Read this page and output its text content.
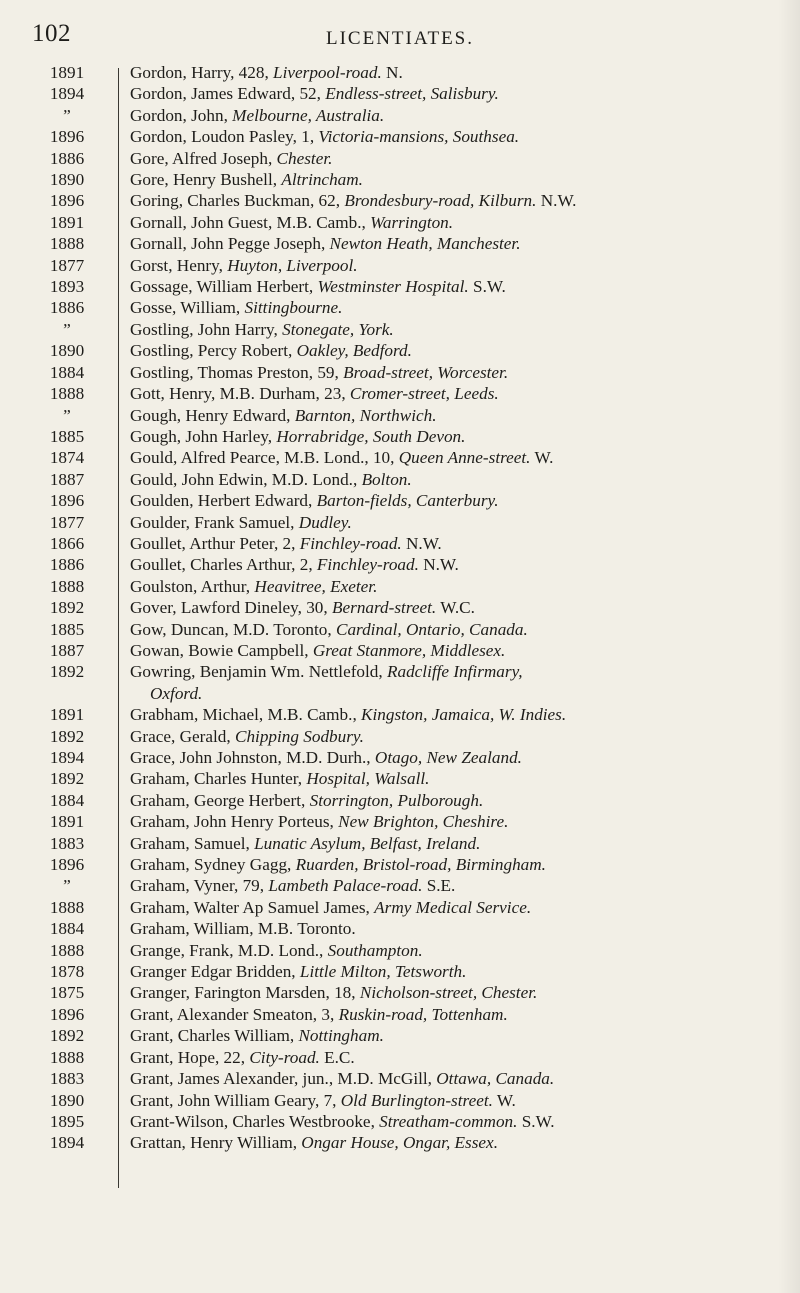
102	LICENTIATES.
1891	Gordon, Harry, 428, Liverpool-road. N.
1894	Gordon, James Edward, 52, Endless-street, Salisbury.
”	Gordon, John, Melbourne, Australia.
1896	Gordon, Loudon Pasley, 1, Victoria-mansions, Southsea.
1886	Gore, Alfred Joseph, Chester.
1890	Gore, Henry Bushell, Altrincham.
1896	Goring, Charles Buckman, 62, Brondesbury-road, Kilburn. N.W.
1891	Gornall, John Guest, M.B. Camb., Warrington.
1888	Gornall, John Pegge Joseph, Newton Heath, Manchester.
1877	Gorst, Henry, Huyton, Liverpool.
1893	Gossage, William Herbert, Westminster Hospital. S.W.
1886	Gosse, William, Sittingbourne.
”	Gostling, John Harry, Stonegate, York.
1890	Gostling, Percy Robert, Oakley, Bedford.
1884	Gostling, Thomas Preston, 59, Broad-street, Worcester.
1888	Gott, Henry, M.B. Durham, 23, Cromer-street, Leeds.
”	Gough, Henry Edward, Barnton, Northwich.
1885	Gough, John Harley, Horrabridge, South Devon.
1874	Gould, Alfred Pearce, M.B. Lond., 10, Queen Anne-street. W.
1887	Gould, John Edwin, M.D. Lond., Bolton.
1896	Goulden, Herbert Edward, Barton-fields, Canterbury.
1877	Goulder, Frank Samuel, Dudley.
1866	Goullet, Arthur Peter, 2, Finchley-road. N.W.
1886	Goullet, Charles Arthur, 2, Finchley-road. N.W.
1888	Goulston, Arthur, Heavitree, Exeter.
1892	Gover, Lawford Dineley, 30, Bernard-street. W.C.
1885	Gow, Duncan, M.D. Toronto, Cardinal, Ontario, Canada.
1887	Gowan, Bowie Campbell, Great Stanmore, Middlesex.
1892	Gowring, Benjamin Wm. Nettlefold, Radcliffe Infirmary,
Oxford.
1891	Grabham, Michael, M.B. Camb., Kingston, Jamaica, W. Indies.
1892	Grace, Gerald, Chipping Sodbury.
1894	Grace, John Johnston, M.D. Durh., Otago, New Zealand.
1892	Graham, Charles Hunter, Hospital, Walsall.
1884	Graham, George Herbert, Storrington, Pulborough.
1891	Graham, John Henry Porteus, New Brighton, Cheshire.
1883	Graham, Samuel, Lunatic Asylum, Belfast, Ireland.
1896	Graham, Sydney Gagg, Ruarden, Bristol-road, Birmingham.
”	Graham, Vyner, 79, Lambeth Palace-road. S.E.
1888	Graham, Walter Ap Samuel James, Army Medical Service.
1884	Graham, William, M.B. Toronto.
1888	Grange, Frank, M.D. Lond., Southampton.
1878	Granger Edgar Bridden, Little Milton, Tetsworth.
1875	Granger, Farington Marsden, 18, Nicholson-street, Chester.
1896	Grant, Alexander Smeaton, 3, Ruskin-road, Tottenham.
1892	Grant, Charles William, Nottingham.
1888	Grant, Hope, 22, City-road. E.C.
1883	Grant, James Alexander, jun., M.D. McGill, Ottawa, Canada.
1890	Grant, John William Geary, 7, Old Burlington-street. W.
1895	Grant-Wilson, Charles Westbrooke, Streatham-common. S.W.
1894	Grattan, Henry William, Ongar House, Ongar, Essex.
